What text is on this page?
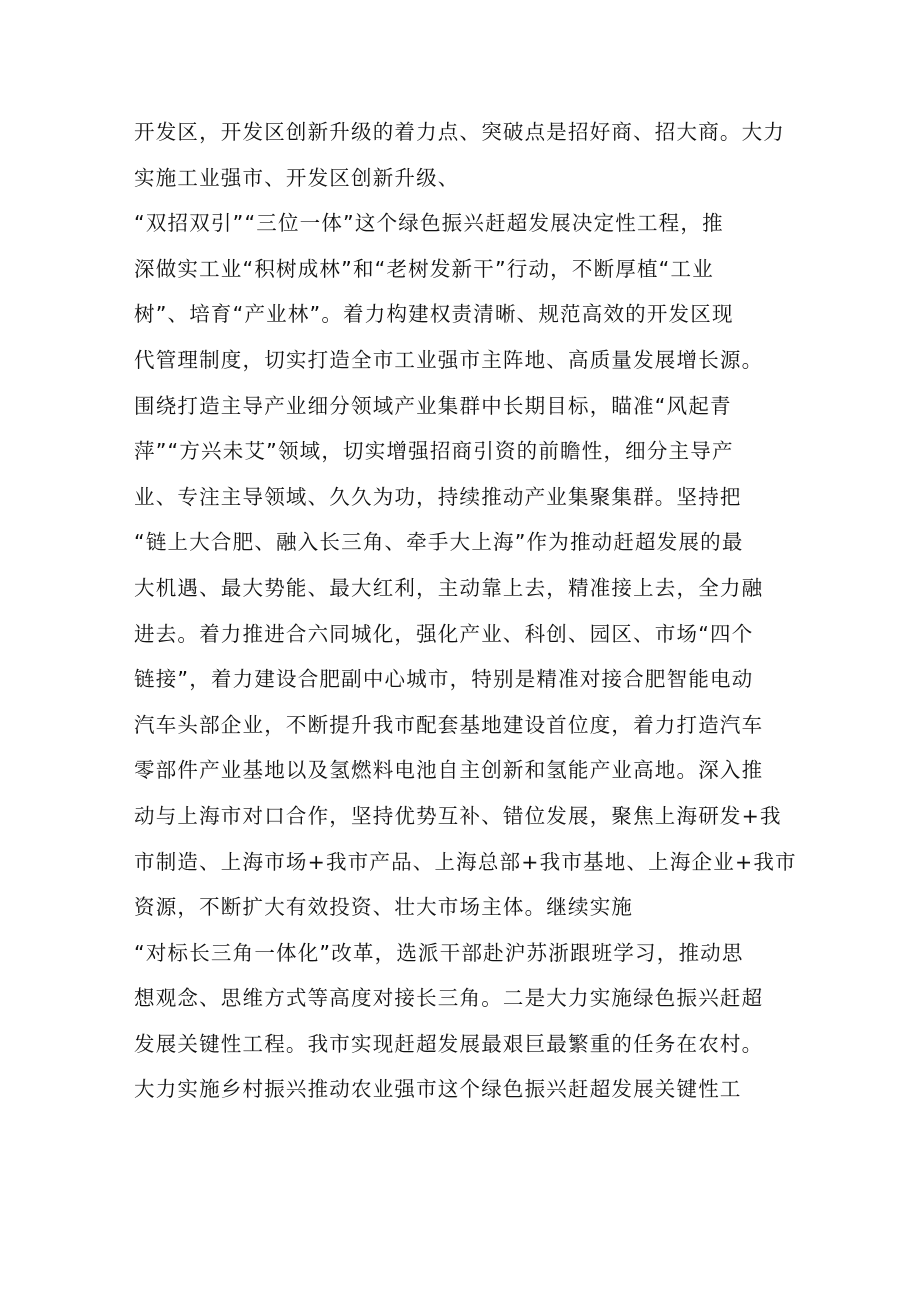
开发区，开发区创新升级的着力点、突破点是招好商、招大商。大力
实施工业强市、开发区创新升级、
“双招双引”“三位一体”这个绿色振兴赶超发展决定性工程，推
深做实工业“积树成林”和“老树发新干”行动，不断厚植“工业
树”、培育“产业林”。着力构建权责清晰、规范高效的开发区现
代管理制度，切实打造全市工业强市主阵地、高质量发展增长源。
围绕打造主导产业细分领域产业集群中长期目标，瞄准“风起青
萍”“方兴未艾”领域，切实增强招商引资的前瞻性，细分主导产
业、专注主导领域、久久为功，持续推动产业集聚集群。坚持把
“链上大合肥、融入长三角、牵手大上海”作为推动赶超发展的最
大机遇、最大势能、最大红利，主动靠上去，精准接上去，全力融
进去。着力推进合六同城化，强化产业、科创、园区、市场“四个
链接”，着力建设合肥副中心城市，特别是精准对接合肥智能电动
汽车头部企业，不断提升我市配套基地建设首位度，着力打造汽车
零部件产业基地以及氢燃料电池自主创新和氢能产业高地。深入推
动与上海市对口合作，坚持优势互补、错位发展，聚焦上海研发+我
市制造、上海市场+我市产品、上海总部+我市基地、上海企业+我市
资源，不断扩大有效投资、壮大市场主体。继续实施
“对标长三角一体化”改革，选派干部赴沪苏浙跟班学习，推动思
想观念、思维方式等高度对接长三角。二是大力实施绿色振兴赶超
发展关键性工程。我市实现赶超发展最艰巨最繁重的任务在农村。
大力实施乡村振兴推动农业强市这个绿色振兴赶超发展关键性工
